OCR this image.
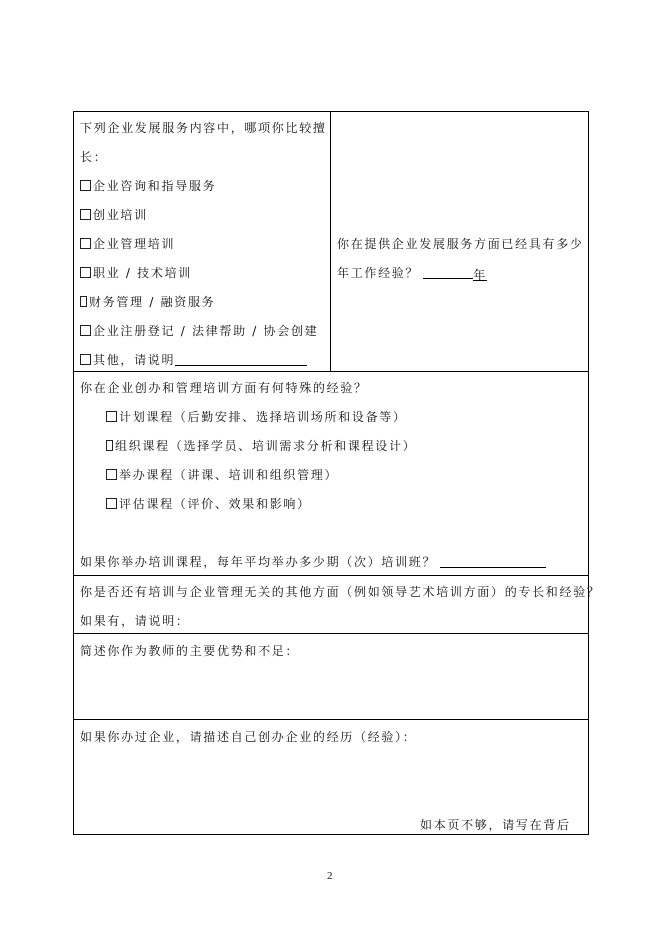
下列企业发展服务内容中，哪项你比较擅
长：
企业咨询和指导服务
创业培训
企业管理培训
职业 / 技术培训
财务管理 / 融资服务
企业注册登记 / 法律帮助 / 协会创建
其他，请说明
你在提供企业发展服务方面已经具有多少
年工作经验？	年
你在企业创办和管理培训方面有何特殊的经验？
计划课程（后勤安排、选择培训场所和设备等）
组织课程（选择学员、培训需求分析和课程设计）
举办课程（讲课、培训和组织管理）
评估课程（评价、效果和影响）
如果你举办培训课程，每年平均举办多少期（次）培训班？
你是否还有培训与企业管理无关的其他方面（例如领导艺术培训方面）的专长和经验？
如果有，请说明：
简述你作为教师的主要优势和不足：
如果你办过企业，请描述自己创办企业的经历（经验）：
如本页不够，请写在背后
2
